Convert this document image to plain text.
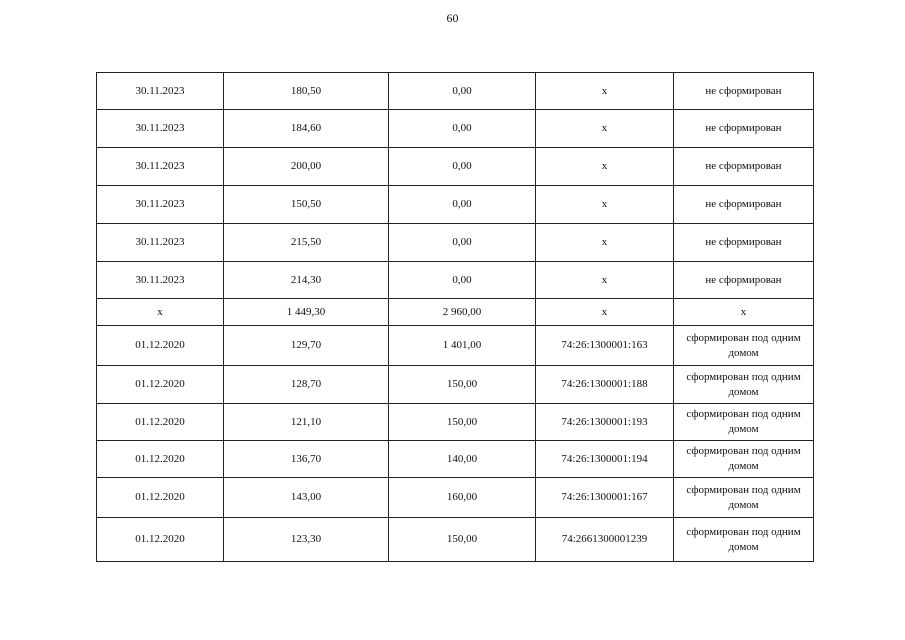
60
30.11.2023	180,50	0,00	x	не сформирован
30.11.2023	184,60	0,00	x	не сформирован
30.11.2023	200,00	0,00	x	не сформирован
30.11.2023	150,50	0,00	x	не сформирован
30.11.2023	215,50	0,00	x	не сформирован
30.11.2023	214,30	0,00	x	не сформирован
x	1 449,30	2 960,00	x	x
01.12.2020	129,70	1 401,00	74:26:1300001:163	сформирован под одним домом
01.12.2020	128,70	150,00	74:26:1300001:188	сформирован под одним домом
01.12.2020	121,10	150,00	74:26:1300001:193	сформирован под одним домом
01.12.2020	136,70	140,00	74:26:1300001:194	сформирован под одним домом
01.12.2020	143,00	160,00	74:26:1300001:167	сформирован под одним домом
01.12.2020	123,30	150,00	74:2661300001239	сформирован под одним домом
